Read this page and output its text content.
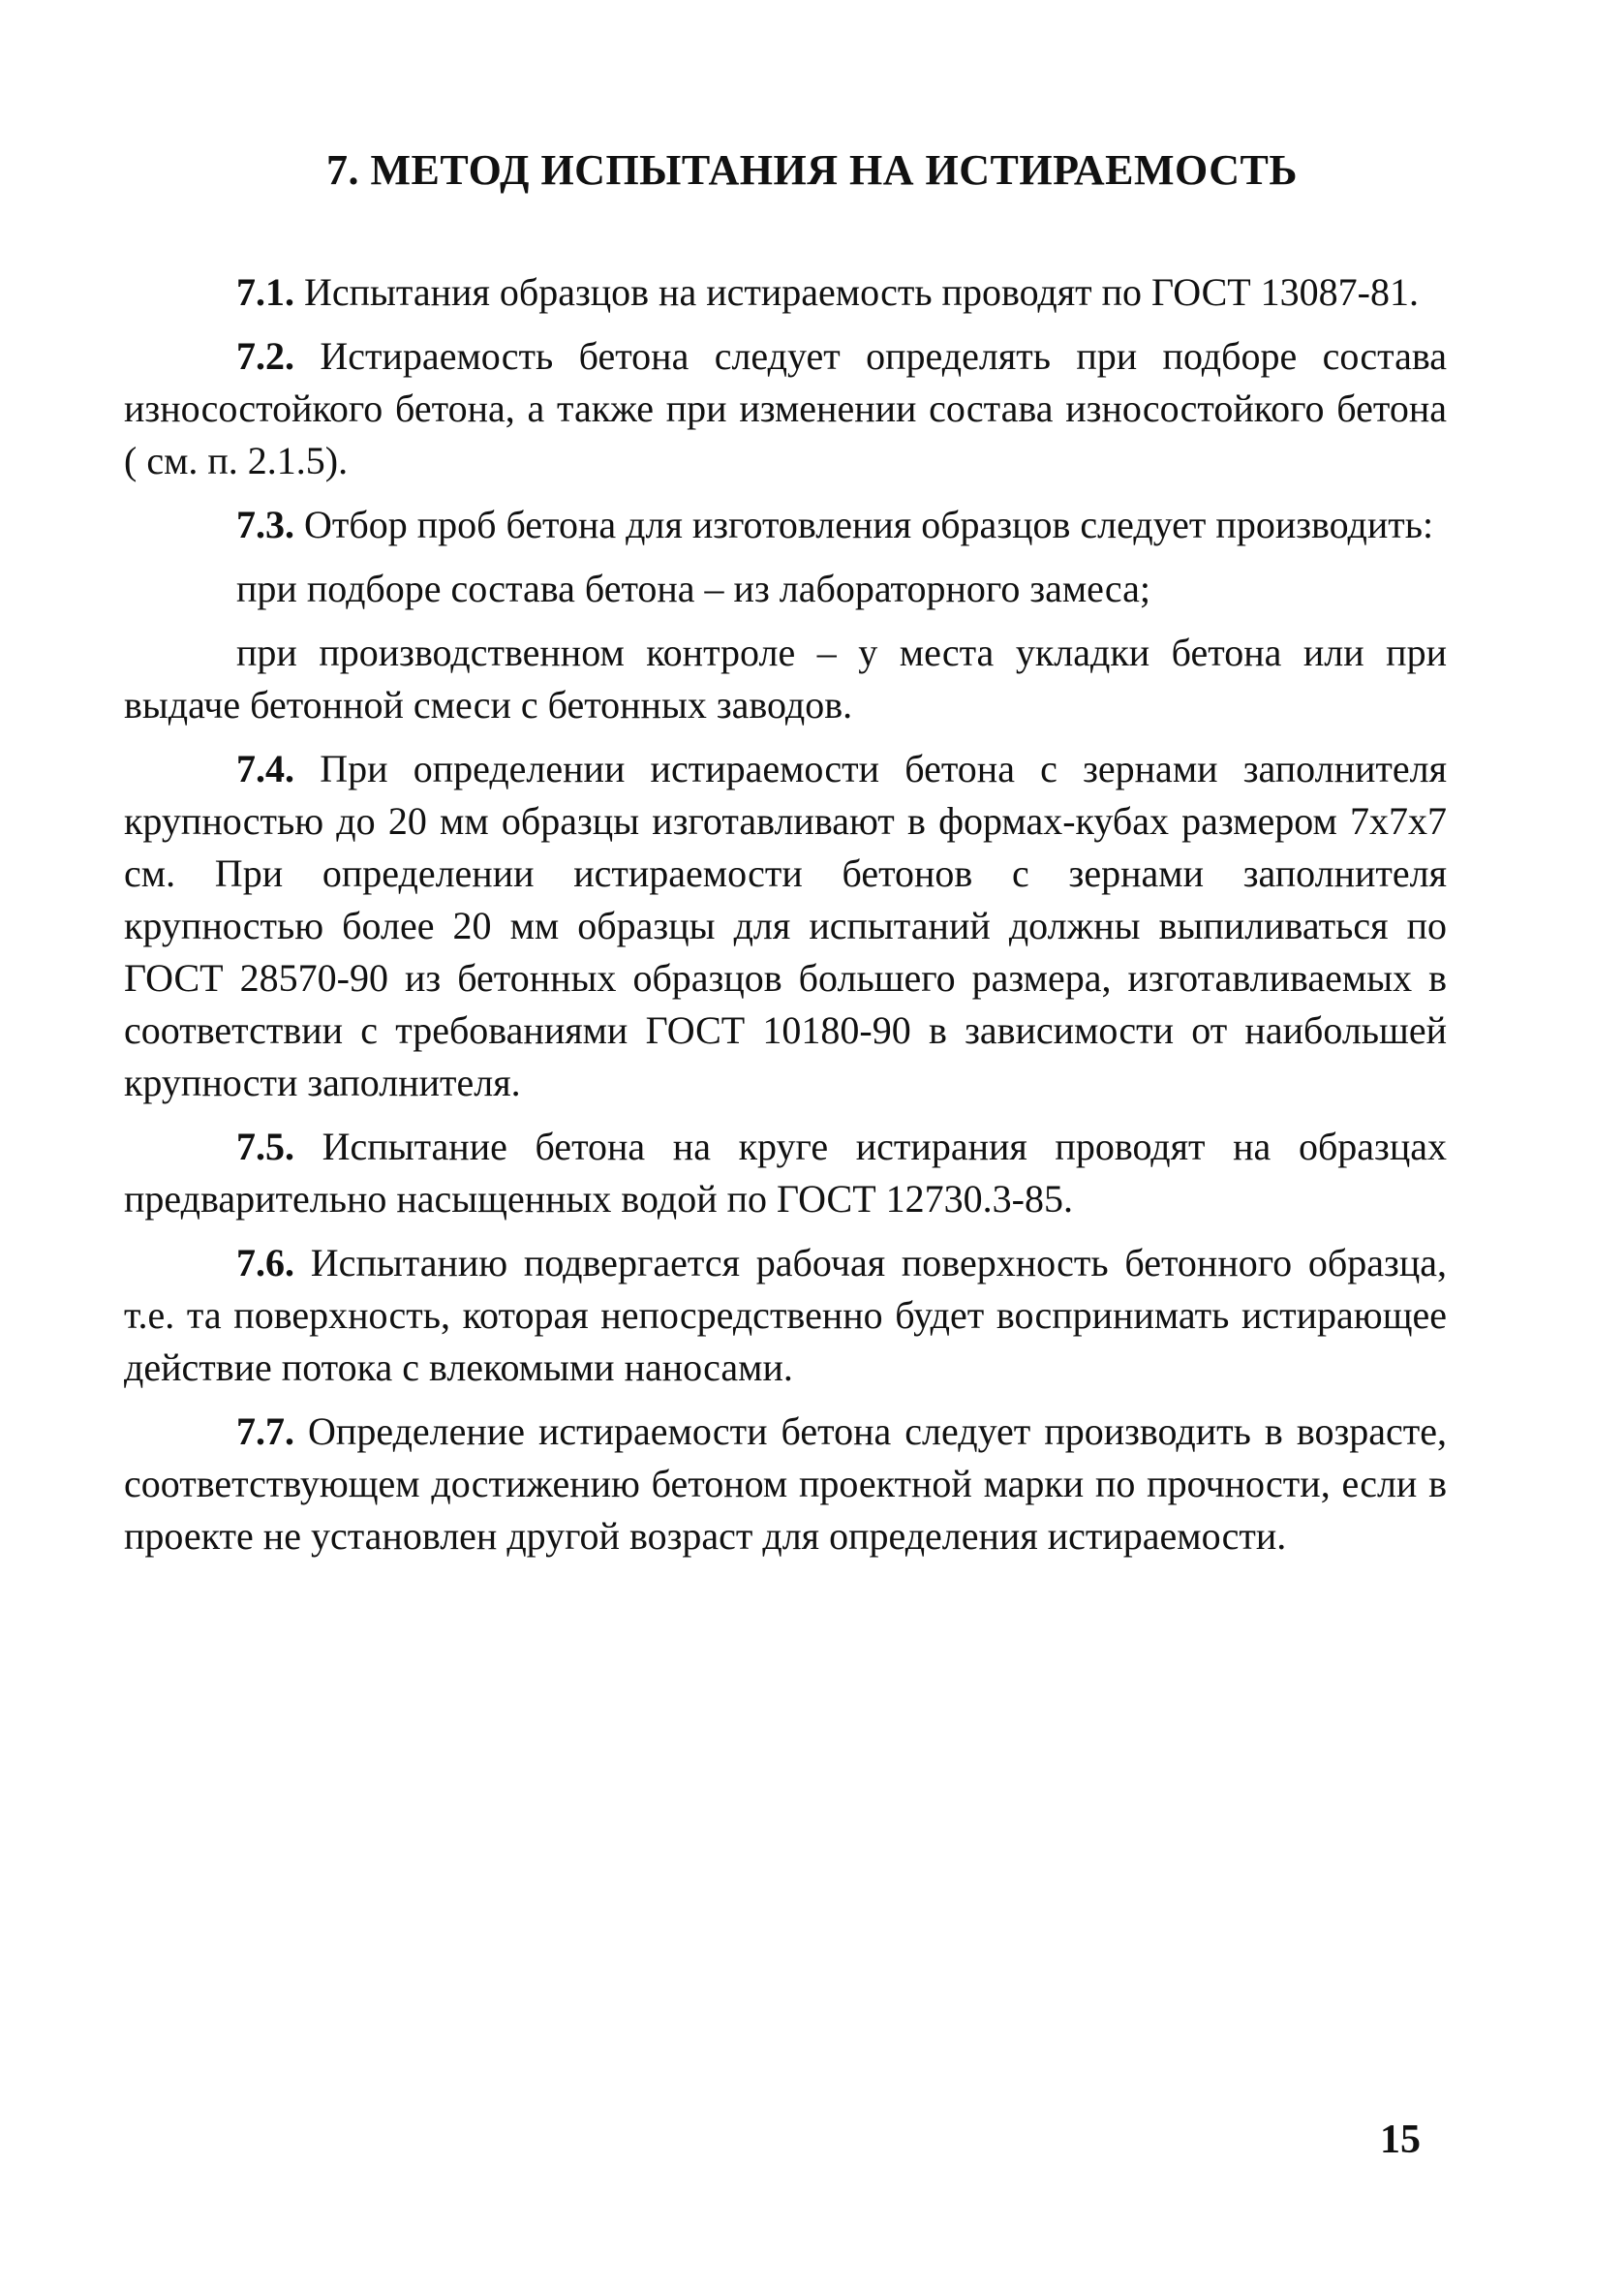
7. МЕТОД ИСПЫТАНИЯ НА ИСТИРАЕМОСТЬ

7.1. Испытания образцов на истираемость проводят по ГОСТ 13087-81.

7.2. Истираемость бетона следует определять при подборе состава износостойкого бетона, а также при изменении состава износостойкого бетона ( см. п. 2.1.5).

7.3. Отбор проб бетона для изготовления образцов следует производить:

при подборе состава бетона – из лабораторного замеса;

при производственном контроле – у места укладки бетона или при выдаче бетонной смеси с бетонных заводов.

7.4. При определении истираемости бетона с зернами заполнителя крупностью до 20 мм образцы изготавливают в формах-кубах размером 7х7х7 см. При определении истираемости бетонов с зернами заполнителя крупностью более 20 мм образцы для испытаний должны выпиливаться по ГОСТ 28570-90 из бетонных образцов большего размера, изготавливаемых в соответствии с требованиями ГОСТ 10180-90 в зависимости от наибольшей крупности заполнителя.

7.5. Испытание бетона на круге истирания проводят на образцах предварительно насыщенных водой по ГОСТ 12730.3-85.

7.6. Испытанию подвергается рабочая поверхность бетонного образца, т.е. та поверхность, которая непосредственно будет воспринимать истирающее действие потока с влекомыми наносами.

7.7. Определение истираемости бетона следует производить в возрасте, соответствующем достижению бетоном проектной марки по прочности, если в проекте не установлен другой возраст для определения истираемости.

15
